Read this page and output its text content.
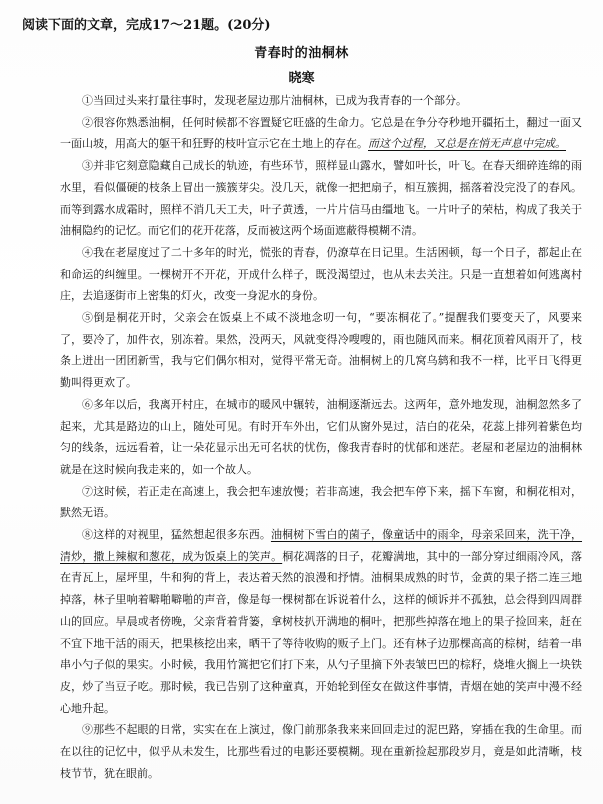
阅读下面的文章，完成17～21题。(20分)
青春时的油桐林
晓寒

①当回过头来打量往事时，发现老屋边那片油桐林，已成为我青春的一个部分。

②很容你熟悉油桐，任何时候都不容置疑它旺盛的生命力。它总是在争分夺秒地开疆拓土，翻过一面又一面山坡，用高大的躯干和狂野的枝叶宣示它在土地上的存在。而这个过程，又总是在悄无声息中完成。

③并非它刻意隐藏自己成长的轨迹，有些环节，照样显山露水，譬如叶长，叶飞。在春天细碎连绵的雨水里，看似僵硬的枝条上冒出一簇簇芽尖。没几天，就像一把把扇子，相互簇拥，摇落着没完没了的春风。而等到露水成霜时，照样不消几天工夫，叶子黄透，一片片信马由缰地飞。一片叶子的荣枯，构成了我关于油桐隐约的记忆。而它们的花开花落，反而被这两个场面遮蔽得模糊不清。

④我在老屋度过了二十多年的时光，慌张的青春，仍潦草在日记里。生活困顿，每一个日子，都起止在和命运的纠缠里。一棵树开不开花，开成什么样子，既没渴望过，也从未去关注。只是一直想着如何逃离村庄，去追逐街市上密集的灯火，改变一身泥水的身份。

⑤倒是桐花开时，父亲会在饭桌上不咸不淡地念叨一句，“要冻桐花了。”提醒我们要变天了，风要来了，要冷了，加件衣，别冻着。果然，没两天，风就变得冷嗖嗖的，雨也随风而来。桐花顶着风雨开了，枝条上迸出一团团新雪，我与它们偶尔相对，觉得平常无奇。油桐树上的几窝乌鸫和我不一样，比平日飞得更勤叫得更欢了。

⑥多年以后，我离开村庄，在城市的暖风中辗转，油桐逐渐远去。这两年，意外地发现，油桐忽然多了起来，尤其是路边的山上，随处可见。有时开车外出，它们从窗外晃过，洁白的花朵，花蕊上排列着紫色均匀的线条，远远看着，让一朵花显示出无可名状的忧伤，像我青春时的忧郁和迷茫。老屋和老屋边的油桐林就是在这时候向我走来的，如一个故人。

⑦这时候，若正走在高速上，我会把车速放慢；若非高速，我会把车停下来，摇下车窗，和桐花相对，默然无语。

⑧这样的对视里，猛然想起很多东西。油桐树下雪白的菌子，像童话中的雨伞，母亲采回来，洗干净，清炒，撒上辣椒和葱花，成为饭桌上的笑声。桐花凋落的日子，花瓣满地，其中的一部分穿过细雨冷风，落在青瓦上，屋坪里，牛和狗的背上，表达着天然的浪漫和抒情。油桐果成熟的时节，金黄的果子搭二连三地掉落，林子里响着噼啪噼啪的声音，像是每一棵树都在诉说着什么，这样的倾诉并不孤独，总会得到四周群山的回应。早晨或者傍晚，父亲背着背篓，拿树枝扒开满地的桐叶，把那些掉落在地上的果子捡回来，赶在不宜下地干活的雨天，把果核挖出来，晒干了等待收购的贩子上门。还有林子边那棵高高的棕树，结着一串串小勺子似的果实。小时候，我用竹篙把它们打下来，从勺子里摘下外表皱巴巴的棕籽，烧堆火搁上一块铁皮，炒了当豆子吃。那时候，我已告别了这种童真，开始轮到侄女在做这件事情，青烟在她的笑声中漫不经心地升起。

⑨那些不起眼的日常，实实在在上演过，像门前那条我来来回回走过的泥巴路，穿插在我的生命里。而在以往的记忆中，似乎从未发生，比那些看过的电影还要模糊。现在重新捡起那段岁月，竟是如此清晰，枝枝节节，犹在眼前。
